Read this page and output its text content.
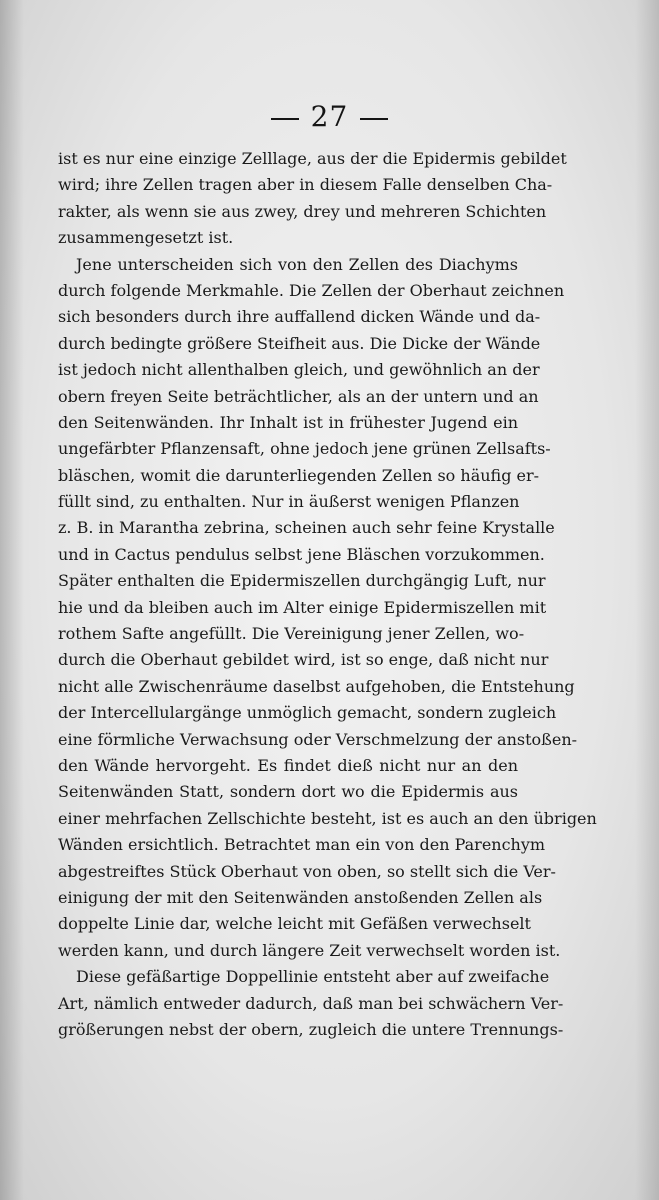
27
ist es nur eine einzige Zelllage, aus der die Epidermis gebildet
wird; ihre Zellen tragen aber in diesem Falle denselben Cha-
rakter, als wenn sie aus zwey, drey und mehreren Schichten
zusammengesetzt ist.
Jene unterscheiden sich von den Zellen des Diachyms
durch folgende Merkmahle. Die Zellen der Oberhaut zeichnen
sich besonders durch ihre auffallend dicken Wände und da-
durch bedingte größere Steifheit aus. Die Dicke der Wände
ist jedoch nicht allenthalben gleich, und gewöhnlich an der
obern freyen Seite beträchtlicher, als an der untern und an
den Seitenwänden. Ihr Inhalt ist in frühester Jugend ein
ungefärbter Pflanzensaft, ohne jedoch jene grünen Zellsafts-
bläschen, womit die darunterliegenden Zellen so häufig er-
füllt sind, zu enthalten. Nur in äußerst wenigen Pflanzen
z. B. in Marantha zebrina, scheinen auch sehr feine Krystalle
und in Cactus pendulus selbst jene Bläschen vorzukommen.
Später enthalten die Epidermiszellen durchgängig Luft, nur
hie und da bleiben auch im Alter einige Epidermiszellen mit
rothem Safte angefüllt. Die Vereinigung jener Zellen, wo-
durch die Oberhaut gebildet wird, ist so enge, daß nicht nur
nicht alle Zwischenräume daselbst aufgehoben, die Entstehung
der Intercellulargänge unmöglich gemacht, sondern zugleich
eine förmliche Verwachsung oder Verschmelzung der anstoßen-
den Wände hervorgeht. Es findet dieß nicht nur an den
Seitenwänden Statt, sondern dort wo die Epidermis aus
einer mehrfachen Zellschichte besteht, ist es auch an den übrigen
Wänden ersichtlich. Betrachtet man ein von den Parenchym
abgestreiftes Stück Oberhaut von oben, so stellt sich die Ver-
einigung der mit den Seitenwänden anstoßenden Zellen als
doppelte Linie dar, welche leicht mit Gefäßen verwechselt
werden kann, und durch längere Zeit verwechselt worden ist.
Diese gefäßartige Doppellinie entsteht aber auf zweifache
Art, nämlich entweder dadurch, daß man bei schwächern Ver-
größerungen nebst der obern, zugleich die untere Trennungs-
